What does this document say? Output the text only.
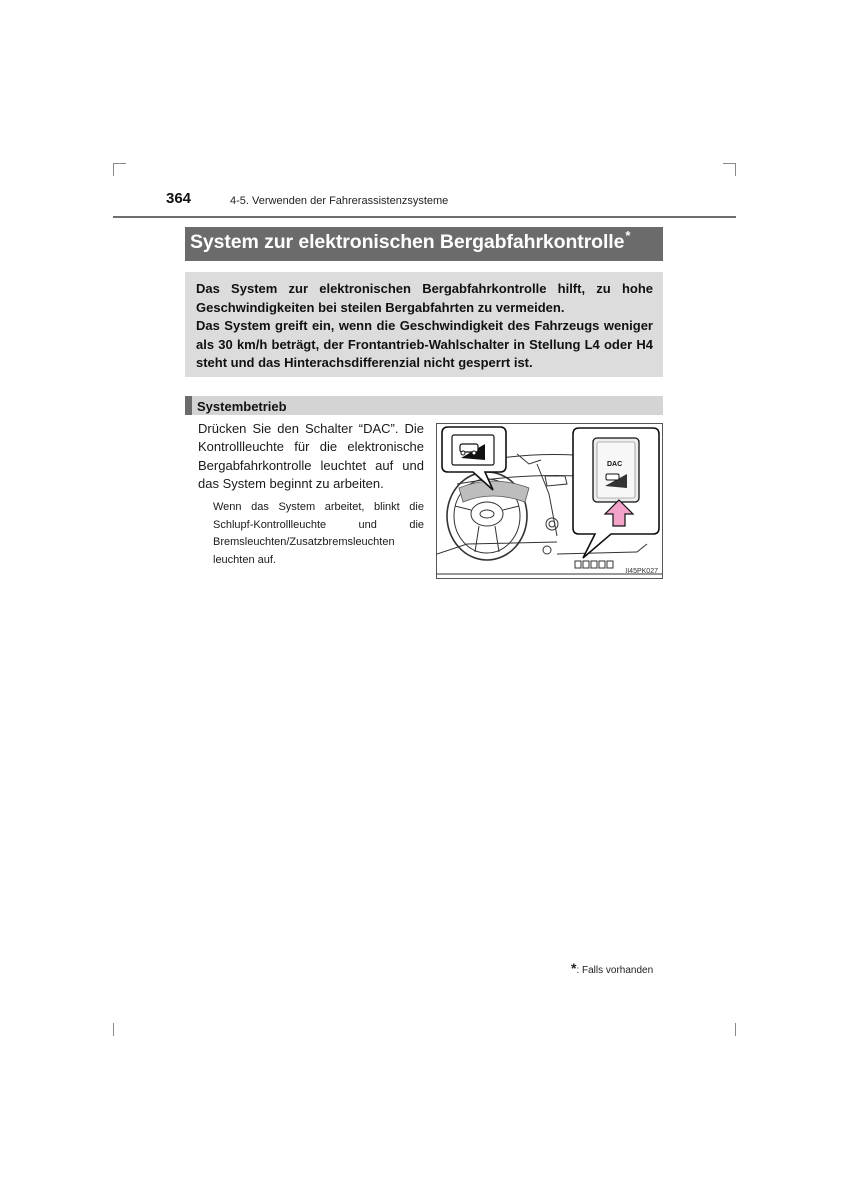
364	4-5. Verwenden der Fahrerassistenzsysteme
System zur elektronischen Bergabfahrkontrolle*

Das System zur elektronischen Bergabfahrkontrolle hilft, zu hohe Geschwindigkeiten bei steilen Bergabfahrten zu vermeiden.

Das System greift ein, wenn die Geschwindigkeit des Fahrzeugs weniger als 30 km/h beträgt, der Frontantrieb-Wahlschalter in Stellung L4 oder H4 steht und das Hinterachsdifferenzial nicht gesperrt ist.

Systembetrieb

Drücken Sie den Schalter “DAC”. Die Kontrollleuchte für die elektronische Bergabfahrkontrolle leuchtet auf und das System beginnt zu arbeiten.

Wenn das System arbeitet, blinkt die Schlupf-Kontrollleuchte und die Bremsleuchten/Zusatzbremsleuchten leuchten auf.

DAC
II45PK027
*: Falls vorhanden
